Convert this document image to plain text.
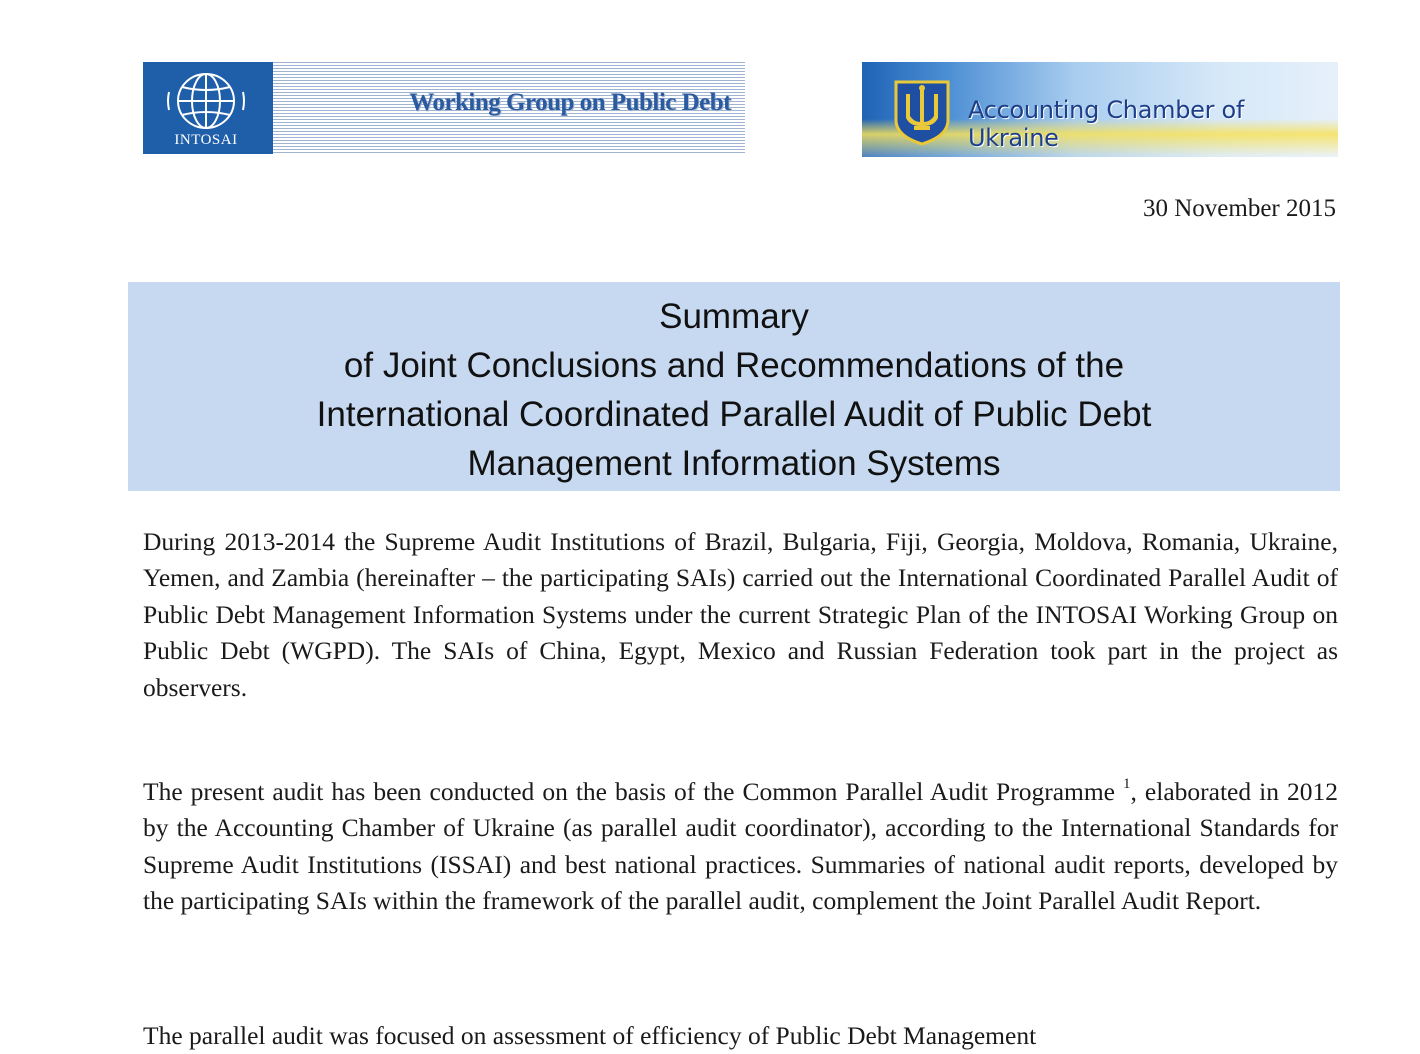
INTOSAI
Working Group on Public Debt	Accounting Chamber of Ukraine
30 November 2015
Summary
of Joint Conclusions and Recommendations of the
International Coordinated Parallel Audit of Public Debt
Management Information Systems
During 2013-2014 the Supreme Audit Institutions of Brazil, Bulgaria, Fiji, Georgia, Moldova, Romania, Ukraine, Yemen, and Zambia (hereinafter – the participating SAIs) carried out the International Coordinated Parallel Audit of Public Debt Management Information Systems under the current Strategic Plan of the INTOSAI Working Group on Public Debt (WGPD). The SAIs of China, Egypt, Mexico and Russian Federation took part in the project as observers.
The present audit has been conducted on the basis of the Common Parallel Audit Programme $^1$, elaborated in 2012 by the Accounting Chamber of Ukraine (as parallel audit coordinator), according to the International Standards for Supreme Audit Institutions (ISSAI) and best national practices. Summaries of national audit reports, developed by the participating SAIs within the framework of the parallel audit, complement the Joint Parallel Audit Report.
The parallel audit was focused on assessment of efficiency of Public Debt Management
